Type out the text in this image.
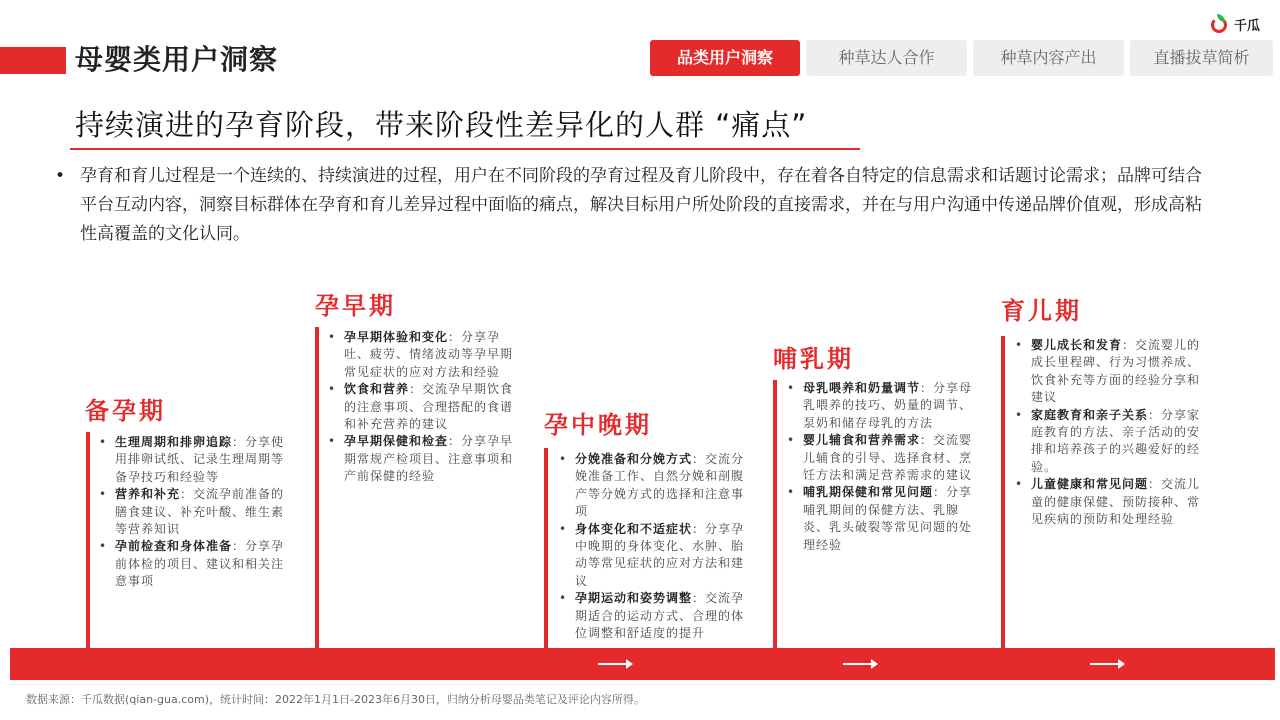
母婴类用户洞察
千瓜
品类用户洞察	种草达人合作	种草内容产出	直播拔草简析
持续演进的孕育阶段，带来阶段性差异化的人群 “痛点”
• 孕育和育儿过程是一个连续的、持续演进的过程，用户在不同阶段的孕育过程及育儿阶段中，存在着各自特定的信息需求和话题讨论需求；品牌可结合平台互动内容，洞察目标群体在孕育和育儿差异过程中面临的痛点，解决目标用户所处阶段的直接需求，并在与用户沟通中传递品牌价值观，形成高粘性高覆盖的文化认同。
备孕期
• 生理周期和排卵追踪：分享使用排卵试纸、记录生理周期等备孕技巧和经验等
• 营养和补充：交流孕前准备的膳食建议、补充叶酸、维生素等营养知识
• 孕前检查和身体准备：分享孕前体检的项目、建议和相关注意事项
孕早期
• 孕早期体验和变化：分享孕吐、疲劳、情绪波动等孕早期常见症状的应对方法和经验
• 饮食和营养：交流孕早期饮食的注意事项、合理搭配的食谱和补充营养的建议
• 孕早期保健和检查：分享孕早期常规产检项目、注意事项和产前保健的经验
孕中晚期
• 分娩准备和分娩方式：交流分娩准备工作、自然分娩和剖腹产等分娩方式的选择和注意事项
• 身体变化和不适症状：分享孕中晚期的身体变化、水肿、胎动等常见症状的应对方法和建议
• 孕期运动和姿势调整：交流孕期适合的运动方式、合理的体位调整和舒适度的提升
哺乳期
• 母乳喂养和奶量调节：分享母乳喂养的技巧、奶量的调节、泵奶和储存母乳的方法
• 婴儿辅食和营养需求：交流婴儿辅食的引导、选择食材、烹饪方法和满足营养需求的建议
• 哺乳期保健和常见问题：分享哺乳期间的保健方法、乳腺炎、乳头破裂等常见问题的处理经验
育儿期
• 婴儿成长和发育：交流婴儿的成长里程碑、行为习惯养成、饮食补充等方面的经验分享和建议
• 家庭教育和亲子关系：分享家庭教育的方法、亲子活动的安排和培养孩子的兴趣爱好的经验。
• 儿童健康和常见问题：交流儿童的健康保健、预防接种、常见疾病的预防和处理经验
数据来源：千瓜数据(qian-gua.com)，统计时间：2022年1月1日-2023年6月30日，归纳分析母婴品类笔记及评论内容所得。
